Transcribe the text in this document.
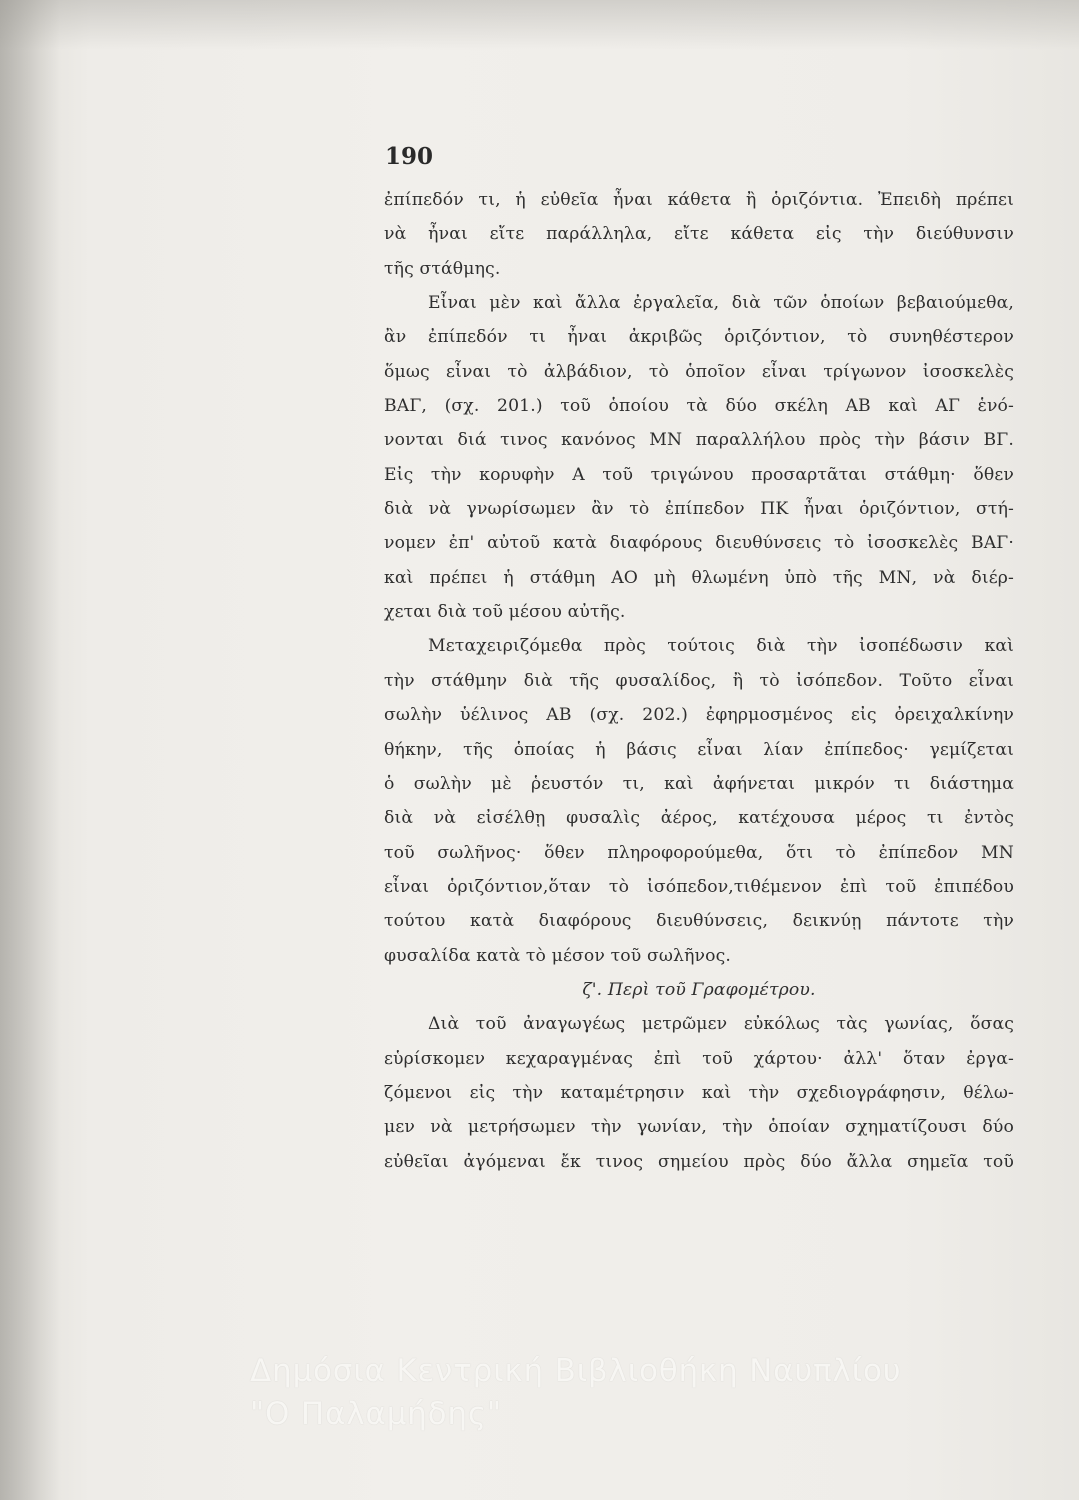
190
ἐπίπεδόν τι, ἡ εὐθεῖα ἦναι κάθετα ἢ ὁριζόντια. Ἐπειδὴ πρέπει
νὰ ἦναι εἴτε παράλληλα, εἴτε κάθετα εἰς τὴν διεύθυνσιν
τῆς στάθμης.
Εἶναι μὲν καὶ ἄλλα ἐργαλεῖα, διὰ τῶν ὁποίων βεβαιούμεθα,
ἂν ἐπίπεδόν τι ἦναι ἀκριβῶς ὁριζόντιον, τὸ συνηθέστερον
ὅμως εἶναι τὸ ἀλβάδιον, τὸ ὁποῖον εἶναι τρίγωνον ἰσοσκελὲς
ΒΑΓ, (σχ. 201.) τοῦ ὁποίου τὰ δύο σκέλη ΑΒ καὶ ΑΓ ἑνό-
νονται διά τινος κανόνος ΜΝ παραλλήλου πρὸς τὴν βάσιν ΒΓ.
Εἰς τὴν κορυφὴν Α τοῦ τριγώνου προσαρτᾶται στάθμη· ὅθεν
διὰ νὰ γνωρίσωμεν ἂν τὸ ἐπίπεδον ΠΚ ἦναι ὁριζόντιον, στή-
νομεν ἐπ' αὐτοῦ κατὰ διαφόρους διευθύνσεις τὸ ἰσοσκελὲς ΒΑΓ·
καὶ πρέπει ἡ στάθμη ΑΟ μὴ θλωμένη ὑπὸ τῆς ΜΝ, νὰ διέρ-
χεται διὰ τοῦ μέσου αὐτῆς.
Μεταχειριζόμεθα πρὸς τούτοις διὰ τὴν ἰσοπέδωσιν καὶ
τὴν στάθμην διὰ τῆς φυσαλίδος, ἢ τὸ ἰσόπεδον. Τοῦτο εἶναι
σωλὴν ὑέλινος ΑΒ (σχ. 202.) ἐφηρμοσμένος εἰς ὀρειχαλκίνην
θήκην, τῆς ὁποίας ἡ βάσις εἶναι λίαν ἐπίπεδος· γεμίζεται
ὁ σωλὴν μὲ ῥευστόν τι, καὶ ἀφήνεται μικρόν τι διάστημα
διὰ νὰ εἰσέλθῃ φυσαλὶς ἀέρος, κατέχουσα μέρος τι ἐντὸς
τοῦ σωλῆνος· ὅθεν πληροφορούμεθα, ὅτι τὸ ἐπίπεδον ΜΝ
εἶναι ὁριζόντιον,ὅταν τὸ ἰσόπεδον,τιθέμενον ἐπὶ τοῦ ἐπιπέδου
τούτου κατὰ διαφόρους διευθύνσεις, δεικνύῃ πάντοτε τὴν
φυσαλίδα κατὰ τὸ μέσον τοῦ σωλῆνος.
ζ'. Περὶ τοῦ Γραφομέτρου.
Διὰ τοῦ ἀναγωγέως μετρῶμεν εὐκόλως τὰς γωνίας, ὅσας
εὑρίσκομεν κεχαραγμένας ἐπὶ τοῦ χάρτου· ἀλλ' ὅταν ἐργα-
ζόμενοι εἰς τὴν καταμέτρησιν καὶ τὴν σχεδιογράφησιν, θέλω-
μεν νὰ μετρήσωμεν τὴν γωνίαν, τὴν ὁποίαν σχηματίζουσι δύο
εὐθεῖαι ἀγόμεναι ἔκ τινος σημείου πρὸς δύο ἄλλα σημεῖα τοῦ
Δημόσια Κεντρική Βιβλιοθήκη Ναυπλίου
"Ο Παλαμήδης"
